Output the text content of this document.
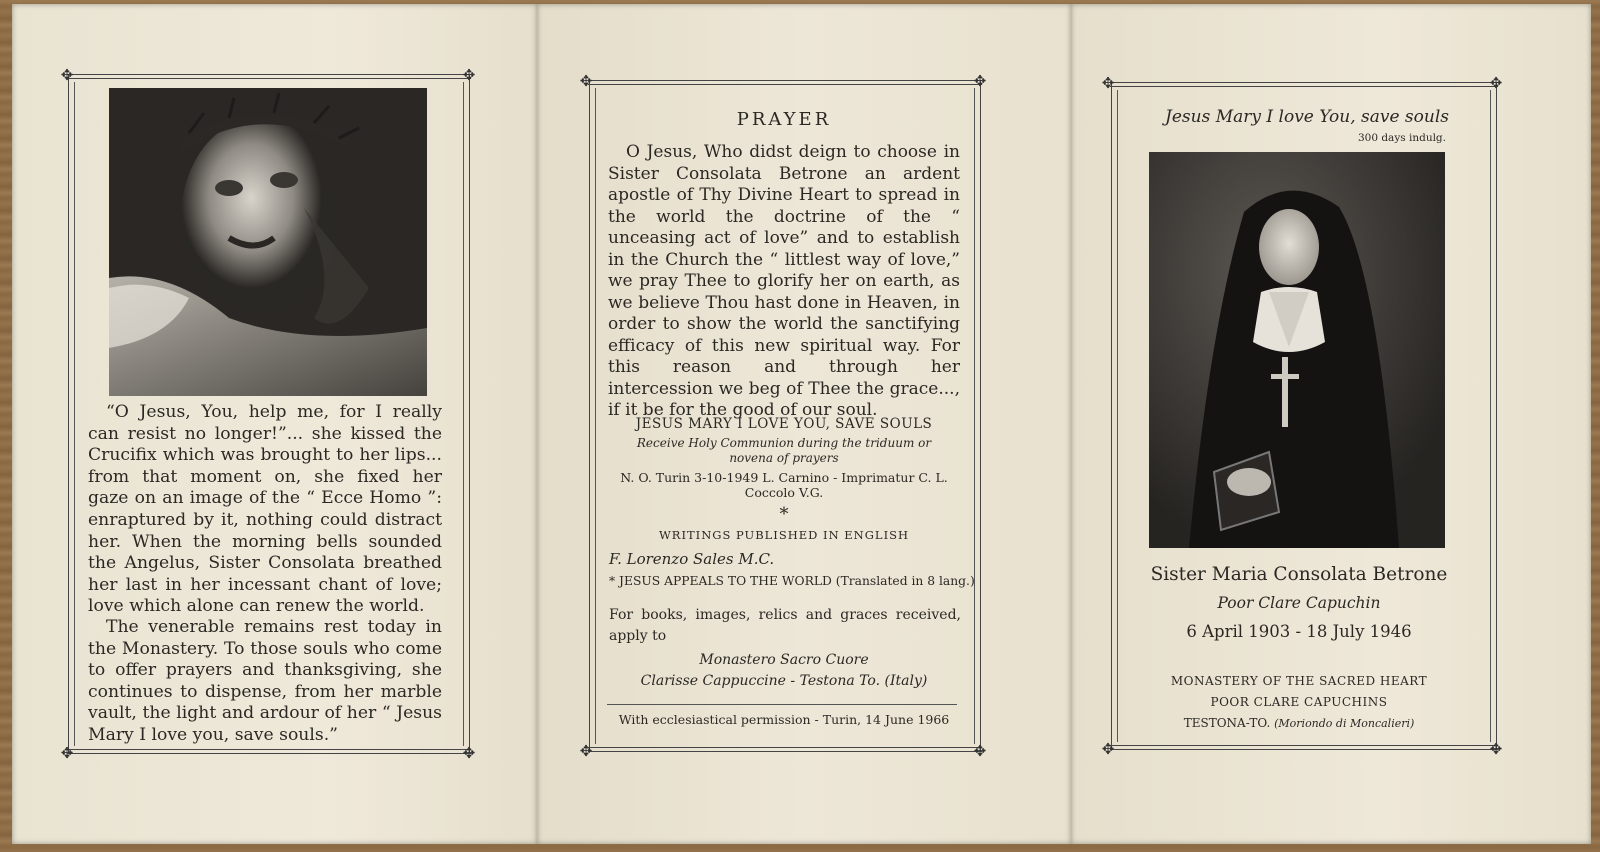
✥	✥
✥	✥
“O Jesus, You, help me, for I really can resist no longer!”... she kissed the Crucifix which was brought to her lips... from that moment on, she fixed her gaze on an image of the “ Ecce Homo ”: enraptured by it, nothing could distract her. When the morning bells sounded the Angelus, Sister Consolata breathed her last in her incessant chant of love; love which alone can renew the world.
The venerable remains rest today in the Monastery. To those souls who come to offer prayers and thanksgiving, she continues to dispense, from her marble vault, the light and ardour of her “ Jesus Mary I love you, save souls.”
✥	✥
✥	✥
PRAYER
O Jesus, Who didst deign to choose in Sister Consolata Betrone an ardent apostle of Thy Divine Heart to spread in the world the doctrine of the “ unceasing act of love” and to establish in the Church the “ littlest way of love,” we pray Thee to glorify her on earth, as we believe Thou hast done in Heaven, in order to show the world the sanctifying efficacy of this new spiritual way. For this reason and through her intercession we beg of Thee the grace..., if it be for the good of our soul.
JESUS MARY I LOVE YOU, SAVE SOULS
Receive Holy Communion during the triduum or novena of prayers
N. O. Turin 3-10-1949 L. Carnino - Imprimatur C. L. Coccolo V.G.
*
WRITINGS PUBLISHED IN ENGLISH
F. Lorenzo Sales M.C.
* JESUS APPEALS TO THE WORLD (Translated in 8 lang.)
For books, images, relics and graces received, apply to
Monastero Sacro Cuore
Clarisse Cappuccine - Testona To. (Italy)
With ecclesiastical permission - Turin, 14 June 1966
✥	✥
✥	✥
Jesus Mary I love You, save souls
300 days indulg.
Sister Maria Consolata Betrone
Poor Clare Capuchin
6 April 1903 - 18 July 1946
MONASTERY OF THE SACRED HEART
POOR CLARE CAPUCHINS
TESTONA-TO. (Moriondo di Moncalieri)
